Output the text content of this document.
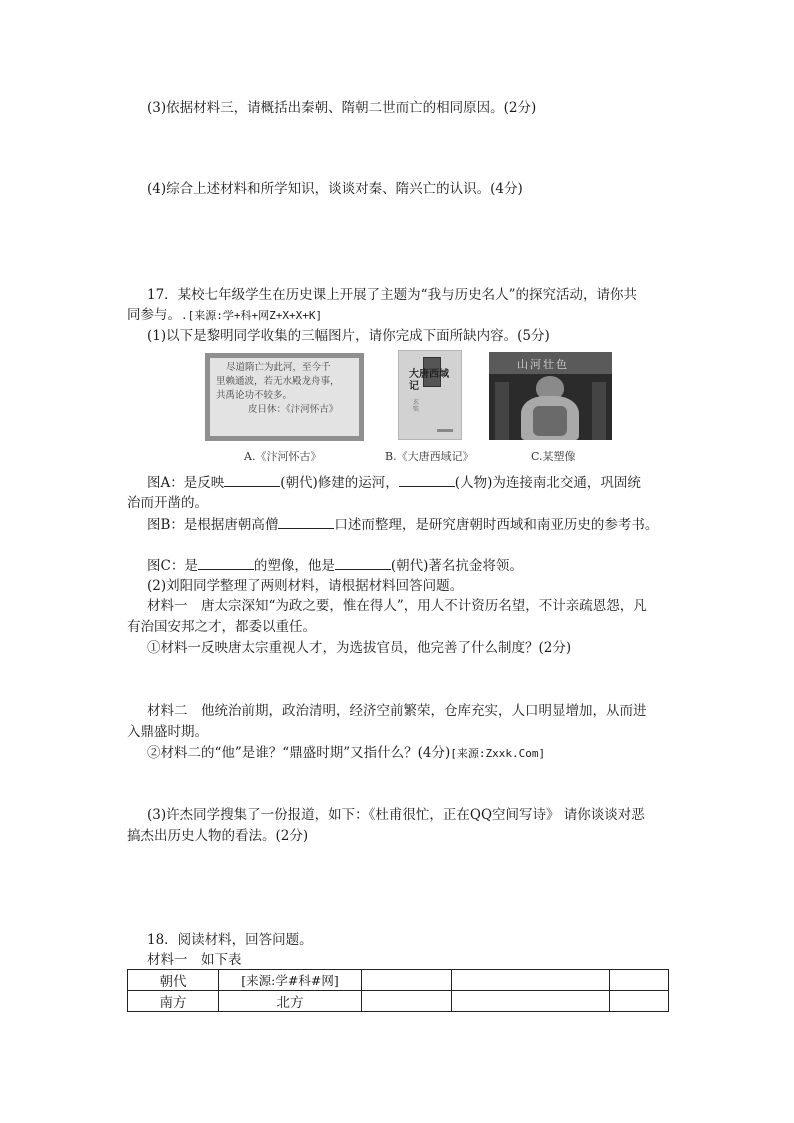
(3)依据材料三，请概括出秦朝、隋朝二世而亡的相同原因。(2分)
(4)综合上述材料和所学知识，谈谈对秦、隋兴亡的认识。(4分)
17．某校七年级学生在历史课上开展了主题为“我与历史名人”的探究活动，请你共
同参与。.[来源:学+科+网Z+X+X+K]
(1)以下是黎明同学收集的三幅图片，请你完成下面所缺内容。(5分)
尽道隋亡为此河，至今千
里赖通波，若无水殿龙舟事，
共禹论功不较多。
皮日休：《汴河怀古》
大唐西域记
玄奘
山河壮色
A.《汴河怀古》	B.《大唐西域记》	C.某塑像
图A：是反映	(朝代)修建的运河，	(人物)为连接南北交通，巩固统
治而开凿的。
图B：是根据唐朝高僧	口述而整理，是研究唐朝时西域和南亚历史的参考书。
图C：是	的塑像，他是	(朝代)著名抗金将领。
(2)刘阳同学整理了两则材料，请根据材料回答问题。
材料一　唐太宗深知“为政之要，惟在得人”，用人不计资历名望，不计亲疏恩怨，凡
有治国安邦之才，都委以重任。
①材料一反映唐太宗重视人才，为选拔官员，他完善了什么制度？(2分)
材料二　他统治前期，政治清明，经济空前繁荣，仓库充实，人口明显增加，从而进
入鼎盛时期。
②材料二的“他”是谁？“鼎盛时期”又指什么？(4分)[来源:Zxxk.Com]
(3)许杰同学搜集了一份报道，如下：《杜甫很忙，正在QQ空间写诗》 请你谈谈对恶
搞杰出历史人物的看法。(2分)
18．阅读材料，回答问题。
材料一　如下表
朝代	[来源:学#科#网]			
南方	北方			
